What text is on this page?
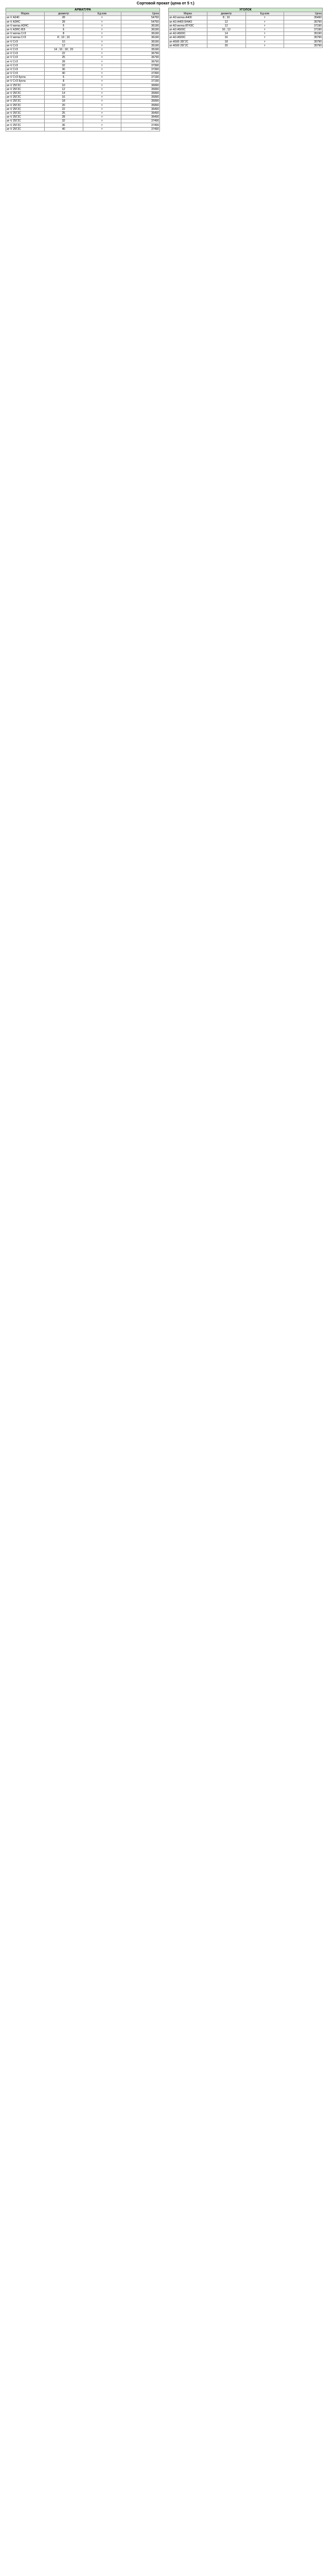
Сортовой прокат (цена от 5 т.)
АРМАТУРА			
Марка	диаметр	Ед.изм	Цена
ат-V А240	28	т	54760
ат-V АЗНС	28	т	54760
ат-V мотка АЗНС	6	т	36190
ат-V АЗНС-ВЭ	6	т	36190
ат-V мотка СтЗ	8	т	36190
ат-V мотка СтЗ	8 ; 10 ; 10	т	36190
ат-V СтЗ	10	т	36190
ат-V СтЗ	12	т	35190
ат-V СтЗ	14 ; 16 ; 18 ; 20	т	35190
ат-V СтЗ	22	т	36790
ат-V СтЗ	25	т	36790
ат-V СтЗ	28	т	36790
ат-V СтЗ	32	т	37390
ат-V СтЗ	36	т	37390
ат-V СтЗ	40	т	37390
ат-V СтЗ бухта	6	т	37190
ат-V СтЗ бухта	8	т	37190
ат-V 25Г2С	10	т	36990
ат-V 25Г2С	12	т	35990
ат-V 25Г2С	14	т	35990
ат-V 25Г2С	16	т	35990
ат-V 25Г2С	18	т	35990
ат-V 25Г2С	20	т	35990
ат-V 25Г2С	22	т	36490
ат-V 25Г2С	25	т	36490
ат-V 25Г2С	28	т	36490
ат-V 25Г2С	32	т	37490
ат-V 25Г2С	36	т	37490
ат-V 25Г2С	40	т	37490
УГОЛОК			
Марка	диаметр	Ед.изм	Цена
ат-А3 мотка А400	8 ; 10	т	35490
ат-А3 А400 БНАО	12	т	35790
ат-А3 мотка 8ГНЗС	12	т	37190
ат-А3 А500С	16 ; 12	т	37190
ат-А3 А500С	14	т	35190
ат-А3 А500С	16	т	35790
ат-А500 35Г2С	18	т	35790
ат-А500 25Г2С	20	т	35790
